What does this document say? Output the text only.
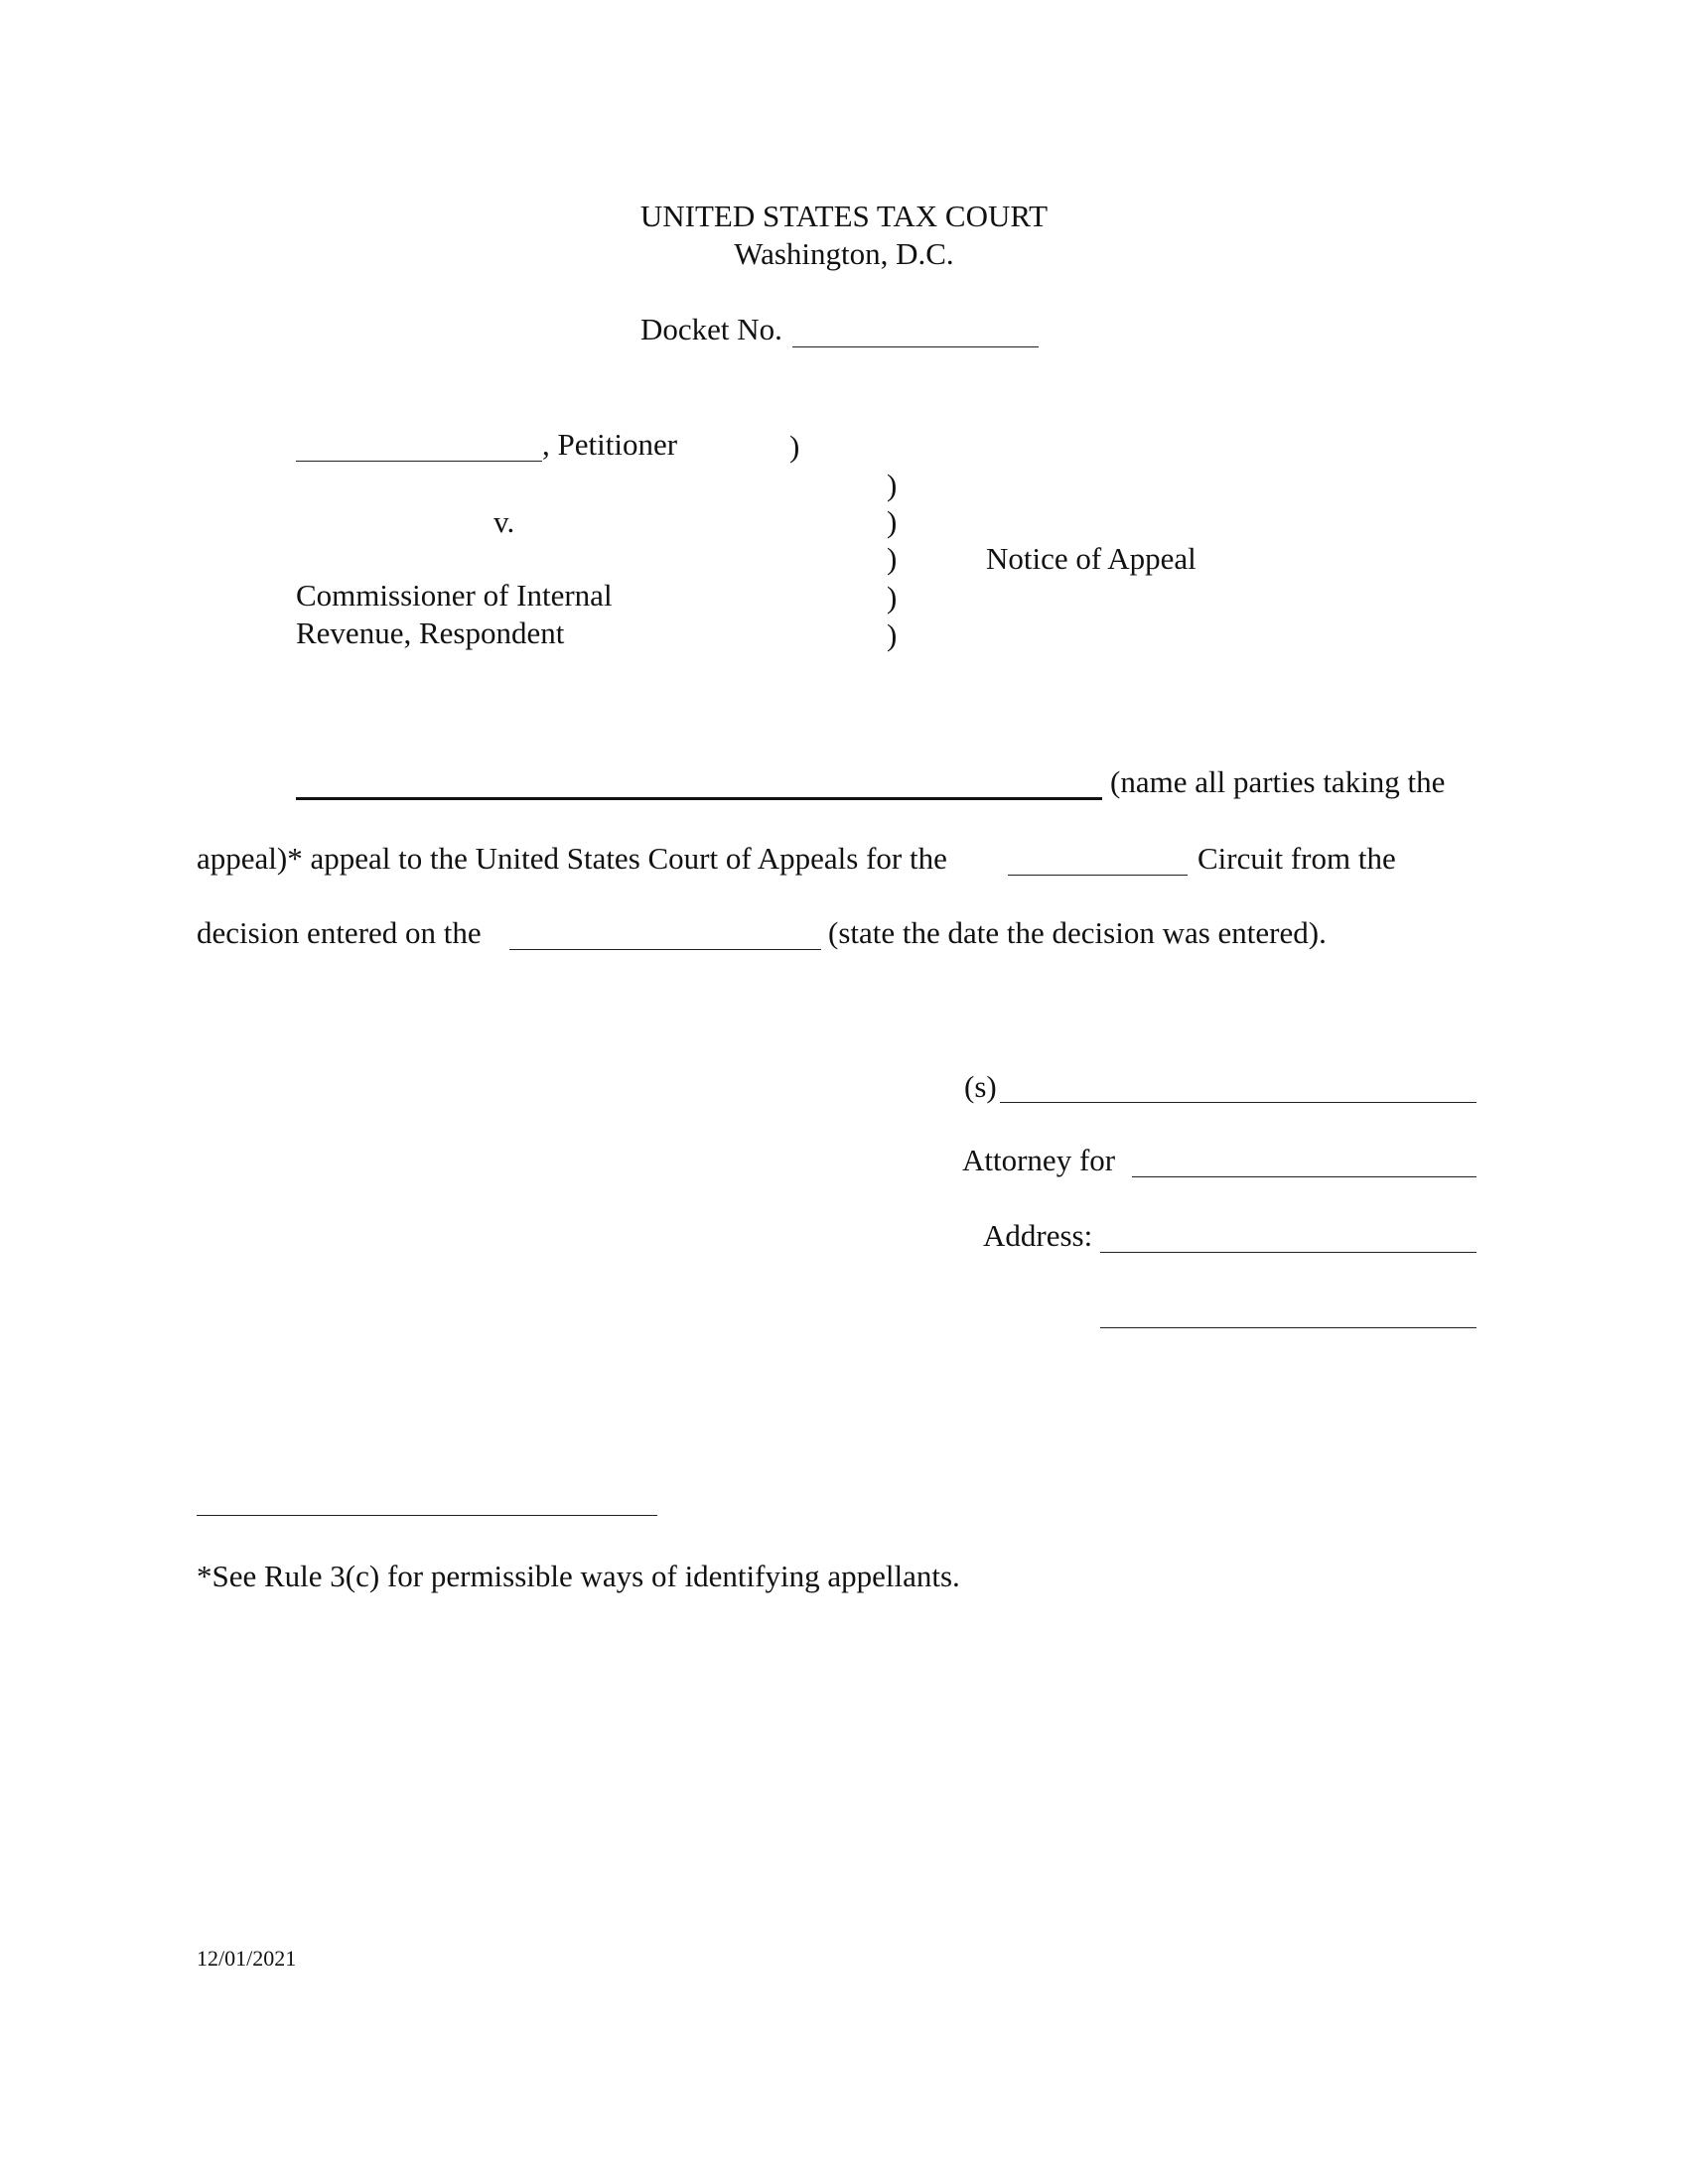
UNITED STATES TAX COURT
Washington, D.C.
Docket No.
, Petitioner	)
)
v.	)
)	Notice of Appeal
Commissioner of Internal	)
Revenue, Respondent	)
(name all parties taking the
appeal)* appeal to the United States Court of Appeals for the	Circuit from the
decision entered on the	(state the date the decision was entered).
(s)
Attorney for
Address:
*See Rule 3(c) for permissible ways of identifying appellants.
12/01/2021
